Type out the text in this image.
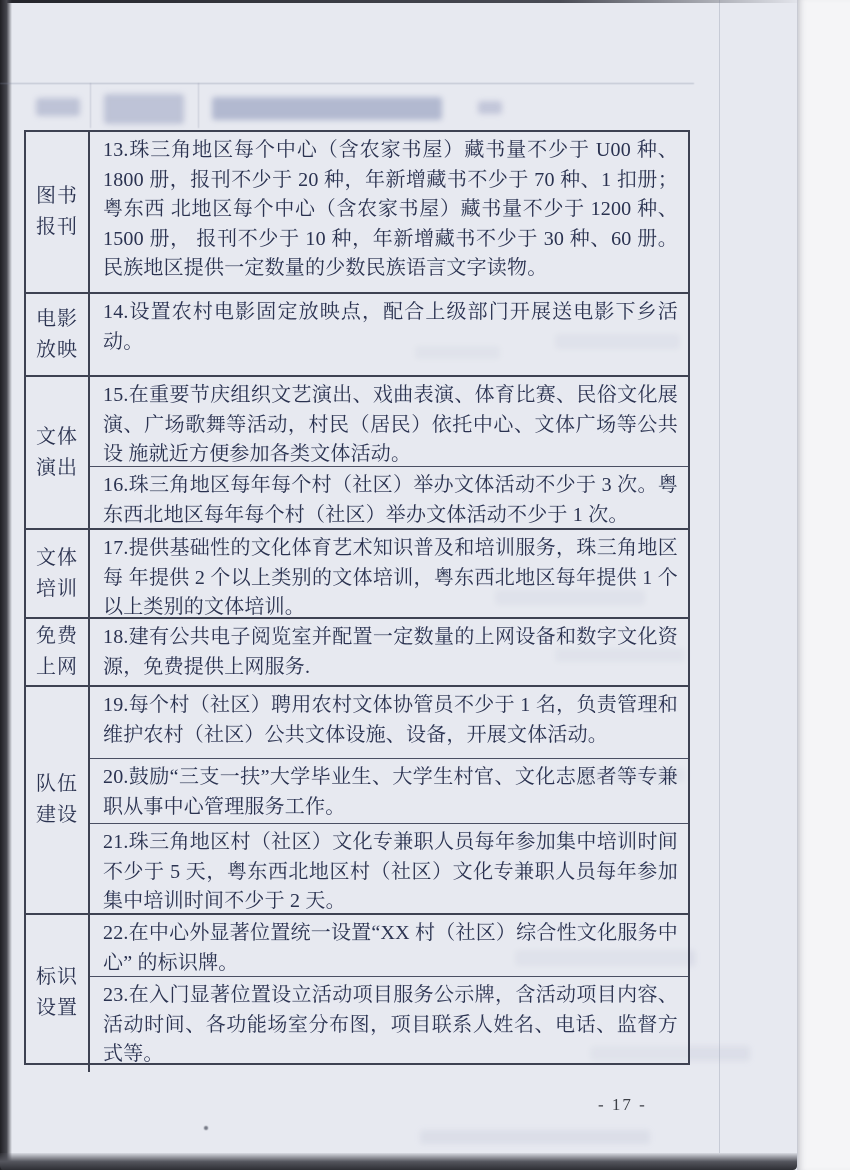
图书报刊
13.珠三角地区每个中心（含农家书屋）藏书量不少于 U00 种、1800 册，报刊不少于 20 种，年新增藏书不少于 70 种、1 扣册；粤东西 北地区每个中心（含农家书屋）藏书量不少于 1200 种、1500 册， 报刊不少于 10 种，年新增藏书不少于 30 种、60 册。民族地区提供一定数量的少数民族语言文字读物。
电影放映
14.设置农村电影固定放映点，配合上级部门开展送电影下乡活动。
文体演出
15.在重要节庆组织文艺演出、戏曲表演、体育比赛、民俗文化展 演、广场歌舞等活动，村民（居民）依托中心、文体广场等公共设 施就近方便参加各类文体活动。
16.珠三角地区每年每个村（社区）举办文体活动不少于 3 次。粤东西北地区每年每个村（社区）举办文体活动不少于 1 次。
文体培训
17.提供基础性的文化体育艺术知识普及和培训服务，珠三角地区每 年提供 2 个以上类别的文体培训，粤东西北地区每年提供 1 个以上类别的文体培训。
免费上网
18.建有公共电子阅览室并配置一定数量的上网设备和数字文化资源，免费提供上网服务.
队伍建设
19.每个村（社区）聘用农村文体协管员不少于 1 名，负责管理和 维护农村（社区）公共文体设施、设备，开展文体活动。
20.鼓励“三支一扶”大学毕业生、大学生村官、文化志愿者等专兼职从事中心管理服务工作。
21.珠三角地区村（社区）文化专兼职人员每年参加集中培训时间不少于 5 天，粤东西北地区村（社区）文化专兼职人员每年参加集中培训时间不少于 2 天。
标识设置
22.在中心外显著位置统一设置“XX 村（社区）综合性文化服务中心” 的标识牌。
23.在入门显著位置设立活动项目服务公示牌，含活动项目内容、活动时间、各功能场室分布图，项目联系人姓名、电话、监督方式等。
- 17 -
